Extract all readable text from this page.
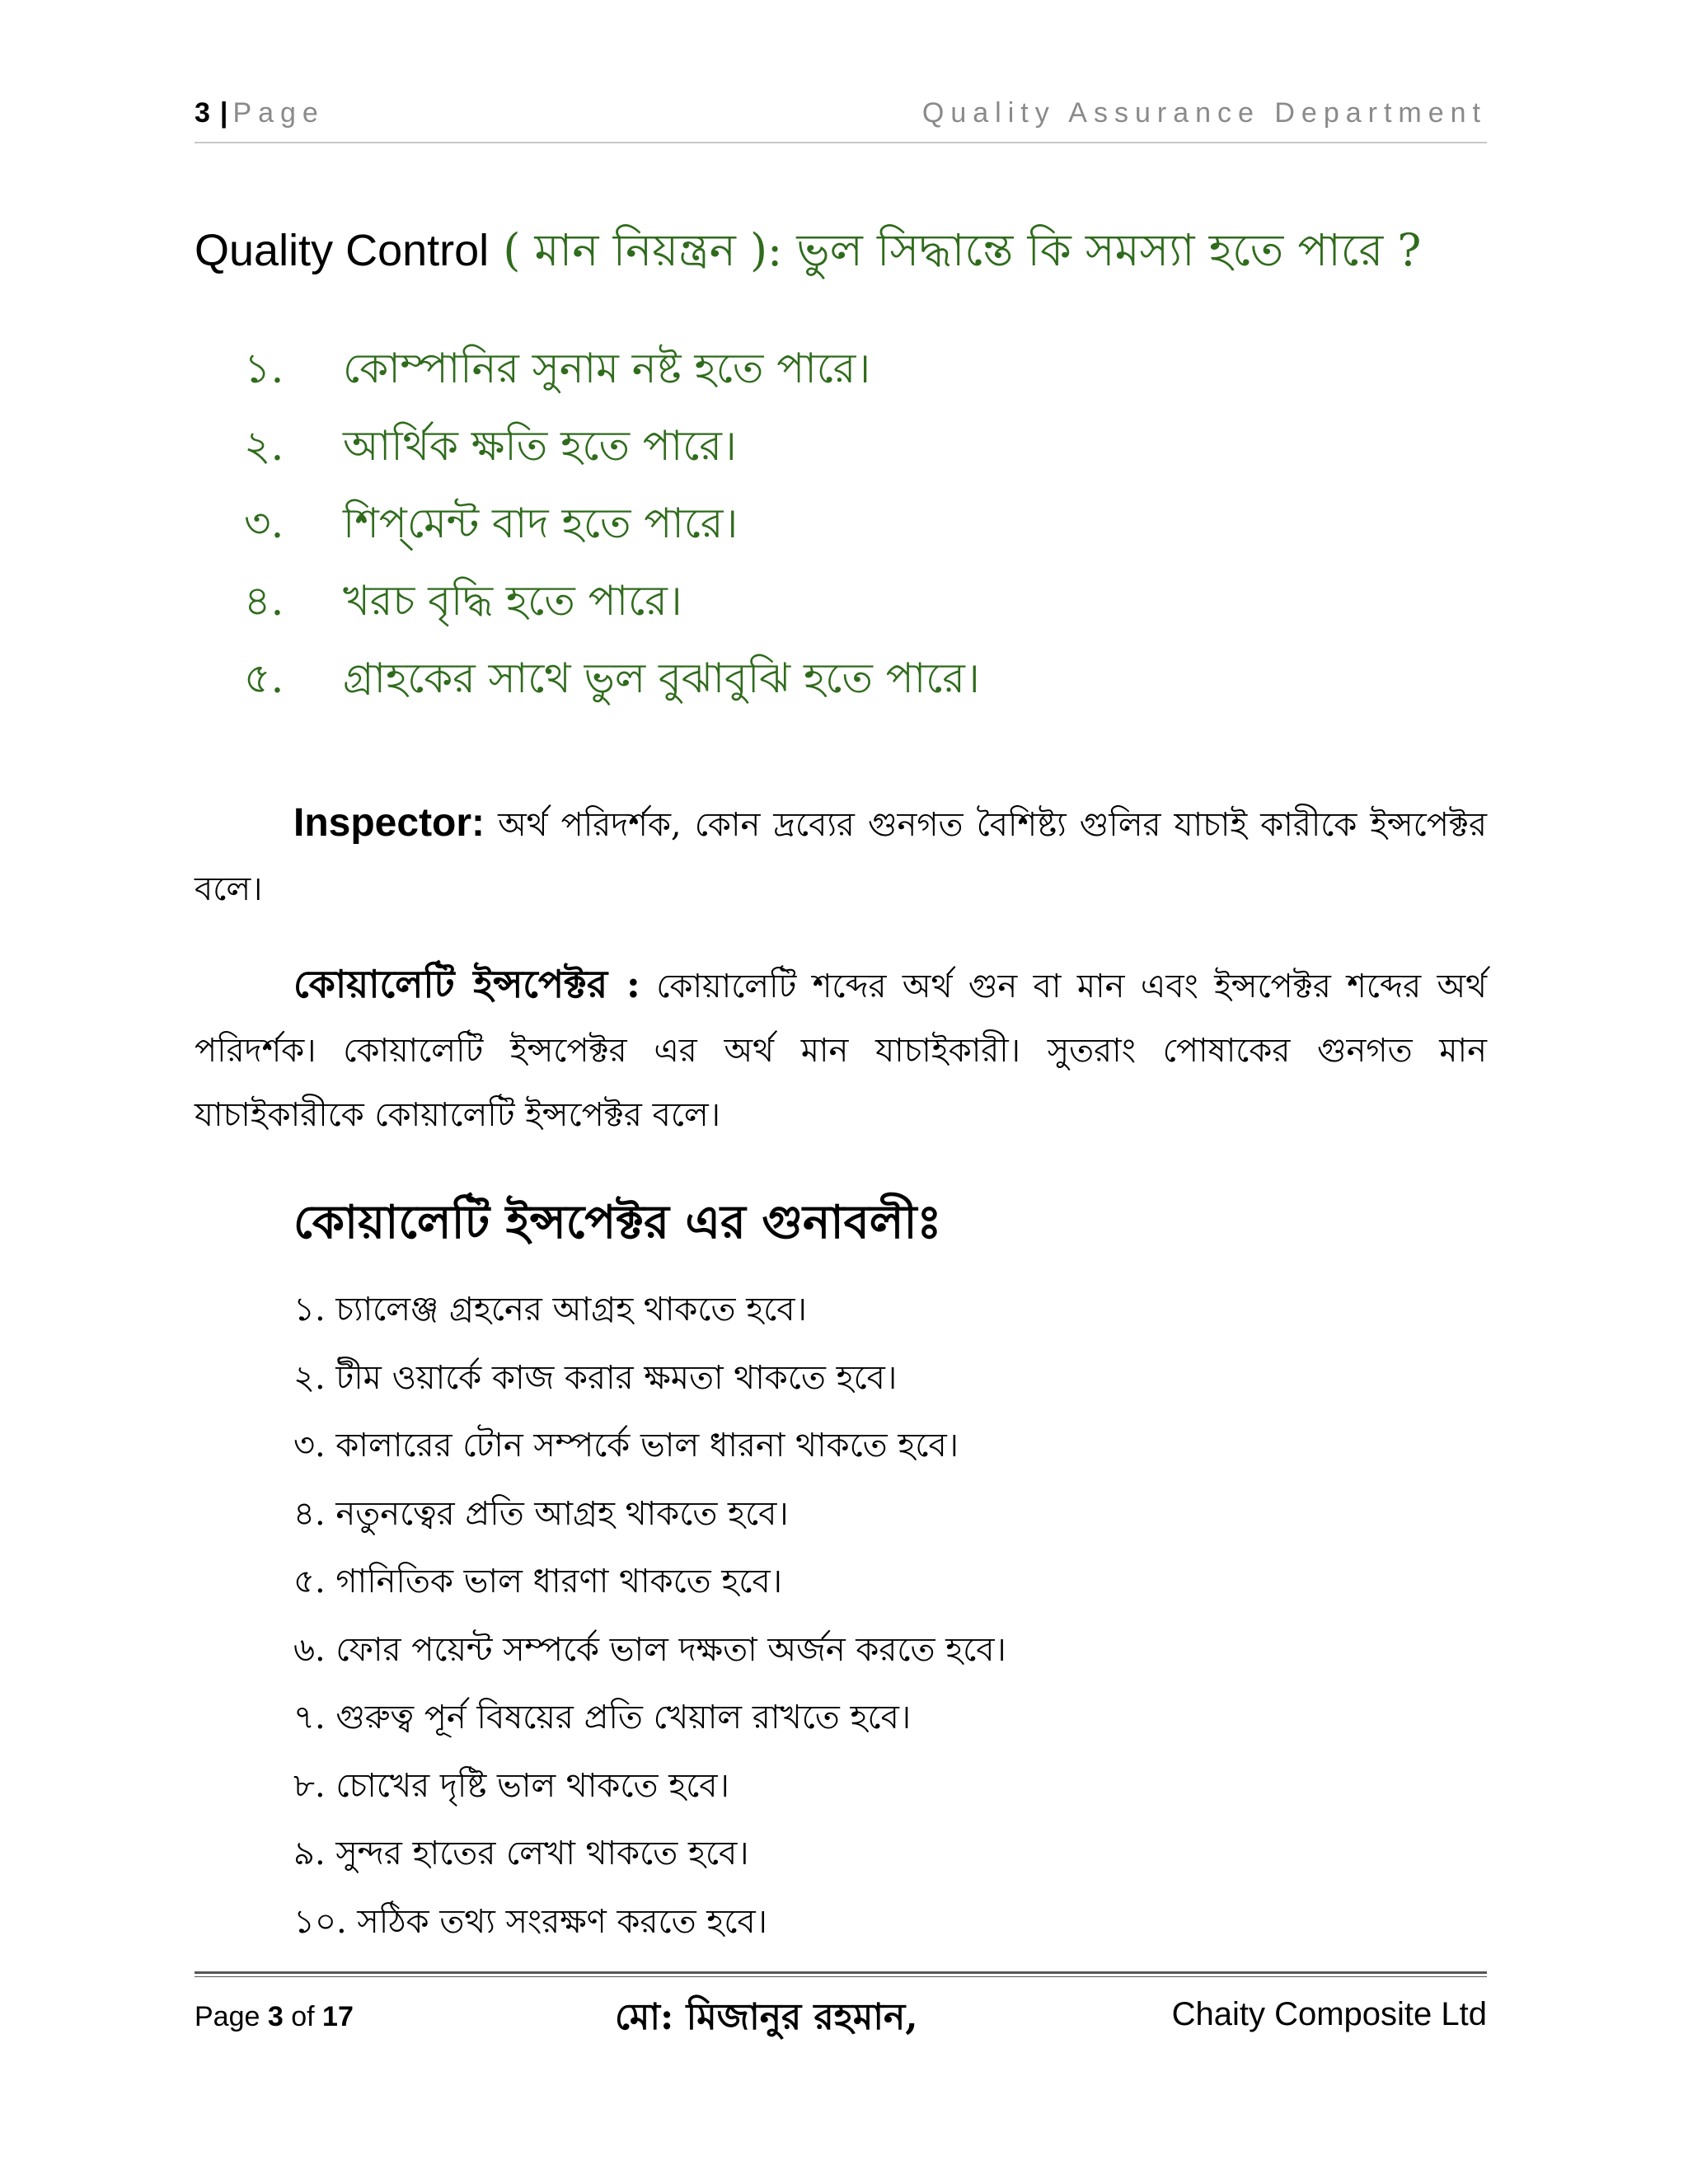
3 | Page	Quality Assurance Department
Quality Control ( মান নিয়ন্ত্রন ): ভুল সিদ্ধান্তে কি সমস্যা হতে পারে ?
১. কোম্পানির সুনাম নষ্ট হতে পারে।
২. আর্থিক ক্ষতি হতে পারে।
৩. শিপ্‌মেন্ট বাদ হতে পারে।
৪. খরচ বৃদ্ধি হতে পারে।
৫. গ্রাহকের সাথে ভুল বুঝাবুঝি হতে পারে।

Inspector: অর্থ পরিদর্শক, কোন দ্রব্যের গুনগত বৈশিষ্ট্য গুলির যাচাই কারীকে ইন্সপেক্টর বলে।

কোয়ালেটি ইন্সপেক্টর : কোয়ালেটি শব্দের অর্থ গুন বা মান এবং ইন্সপেক্টর শব্দের অর্থ পরিদর্শক। কোয়ালেটি ইন্সপেক্টর এর অর্থ মান যাচাইকারী। সুতরাং পোষাকের গুনগত মান যাচাইকারীকে কোয়ালেটি ইন্সপেক্টর বলে।

কোয়ালেটি ইন্সপেক্টর এর গুনাবলীঃ
১. চ্যালেঞ্জ গ্রহনের আগ্রহ থাকতে হবে।
২. টীম ওয়ার্কে কাজ করার ক্ষমতা থাকতে হবে।
৩. কালারের টোন সম্পর্কে ভাল ধারনা থাকতে হবে।
৪. নতুনত্বের প্রতি আগ্রহ থাকতে হবে।
৫. গানিতিক ভাল ধারণা থাকতে হবে।
৬. ফোর পয়েন্ট সম্পর্কে ভাল দক্ষতা অর্জন করতে হবে।
৭. গুরুত্ব পূর্ন বিষয়ের প্রতি খেয়াল রাখতে হবে।
৮. চোখের দৃষ্টি ভাল থাকতে হবে।
৯. সুন্দর হাতের লেখা থাকতে হবে।
১০. সঠিক তথ্য সংরক্ষণ করতে হবে।
Page 3 of 17	মো: মিজানুর রহমান,	Chaity Composite Ltd
